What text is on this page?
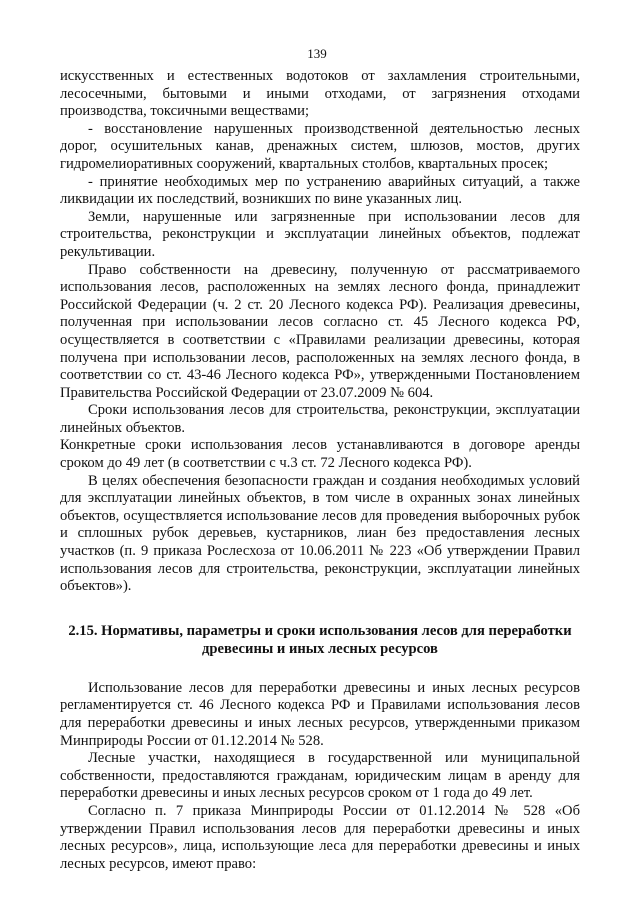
139

искусственных и естественных водотоков от захламления строительными, лесосечными, бытовыми и иными отходами, от загрязнения отходами производства, токсичными веществами;

- восстановление нарушенных производственной деятельностью лесных дорог, осушительных канав, дренажных систем, шлюзов, мостов, других гидромелиоративных сооружений, квартальных столбов, квартальных просек;

- принятие необходимых мер по устранению аварийных ситуаций, а также ликвидации их последствий, возникших по вине указанных лиц.

Земли, нарушенные или загрязненные при использовании лесов для строительства, реконструкции и эксплуатации линейных объектов, подлежат рекультивации.

Право собственности на древесину, полученную от рассматриваемого использования лесов, расположенных на землях лесного фонда, принадлежит Российской Федерации (ч. 2 ст. 20 Лесного кодекса РФ). Реализация древесины, полученная при использовании лесов согласно ст. 45 Лесного кодекса РФ, осуществляется в соответствии с «Правилами реализации древесины, которая получена при использовании лесов, расположенных на землях лесного фонда, в соответствии со ст. 43-46 Лесного кодекса РФ», утвержденными Постановлением Правительства Российской Федерации от 23.07.2009 № 604.

Сроки использования лесов для строительства, реконструкции, эксплуатации линейных объектов.

Конкретные сроки использования лесов устанавливаются в договоре аренды сроком до 49 лет (в соответствии с ч.3 ст. 72 Лесного кодекса РФ).

В целях обеспечения безопасности граждан и создания необходимых условий для эксплуатации линейных объектов, в том числе в охранных зонах линейных объектов, осуществляется использование лесов для проведения выборочных рубок и сплошных рубок деревьев, кустарников, лиан без предоставления лесных участков (п. 9 приказа Рослесхоза от 10.06.2011 № 223 «Об утверждении Правил использования лесов для строительства, реконструкции, эксплуатации линейных объектов»).

2.15. Нормативы, параметры и сроки использования лесов для переработки древесины и иных лесных ресурсов

Использование лесов для переработки древесины и иных лесных ресурсов регламентируется ст. 46 Лесного кодекса РФ и Правилами использования лесов для переработки древесины и иных лесных ресурсов, утвержденными приказом Минприроды России от 01.12.2014 № 528.

Лесные участки, находящиеся в государственной или муниципальной собственности, предоставляются гражданам, юридическим лицам в аренду для переработки древесины и иных лесных ресурсов сроком от 1 года до 49 лет.

Согласно п. 7 приказа Минприроды России от 01.12.2014 № 528 «Об утверждении Правил использования лесов для переработки древесины и иных лесных ресурсов», лица, использующие леса для переработки древесины и иных лесных ресурсов, имеют право:
